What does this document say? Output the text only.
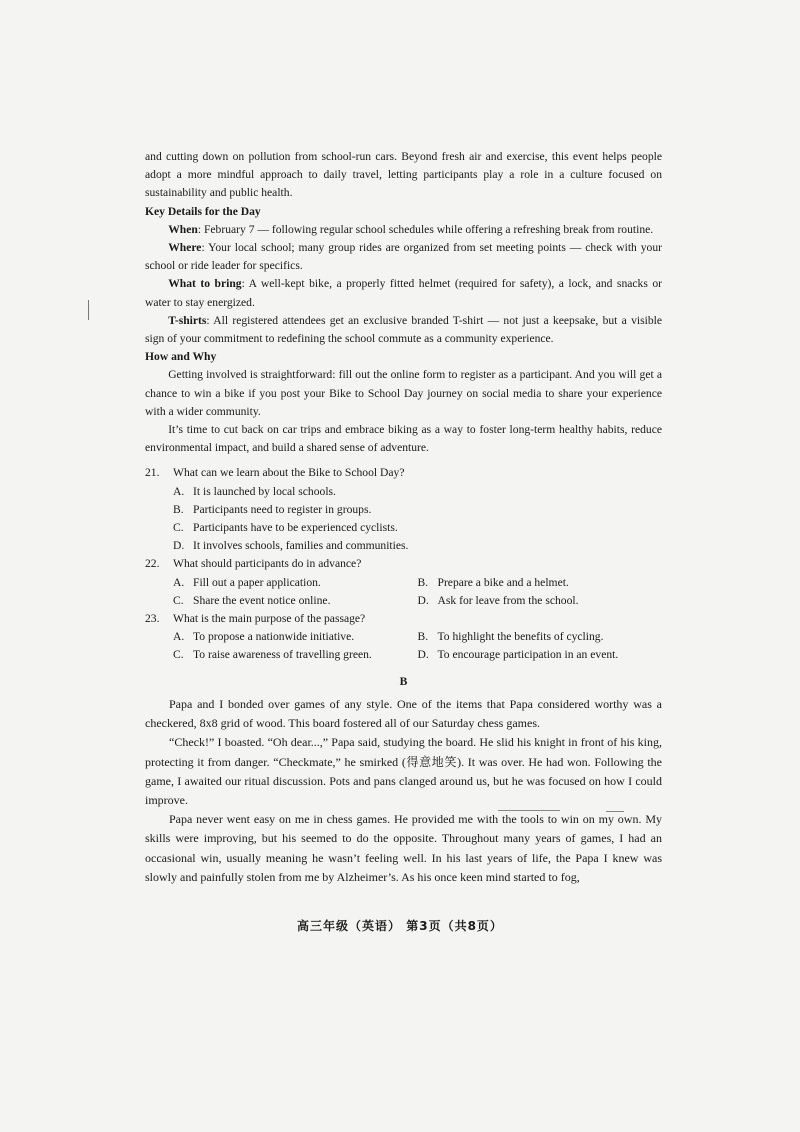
and cutting down on pollution from school-run cars. Beyond fresh air and exercise, this event helps people adopt a more mindful approach to daily travel, letting participants play a role in a culture focused on sustainability and public health.

Key Details for the Day

When: February 7 — following regular school schedules while offering a refreshing break from routine.

Where: Your local school; many group rides are organized from set meeting points — check with your school or ride leader for specifics.

What to bring: A well-kept bike, a properly fitted helmet (required for safety), a lock, and snacks or water to stay energized.

T-shirts: All registered attendees get an exclusive branded T-shirt — not just a keepsake, but a visible sign of your commitment to redefining the school commute as a community experience.

How and Why

Getting involved is straightforward: fill out the online form to register as a participant. And you will get a chance to win a bike if you post your Bike to School Day journey on social media to share your experience with a wider community.

It’s time to cut back on car trips and embrace biking as a way to foster long-term healthy habits, reduce environmental impact, and build a shared sense of adventure.

21.	What can we learn about the Bike to School Day?
A. It is launched by local schools.
B. Participants need to register in groups.
C. Participants have to be experienced cyclists.
D. It involves schools, families and communities.
22.	What should participants do in advance?
A. Fill out a paper application.	B. Prepare a bike and a helmet.
C. Share the event notice online.	D. Ask for leave from the school.
23.	What is the main purpose of the passage?
A. To propose a nationwide initiative.	B. To highlight the benefits of cycling.
C. To raise awareness of travelling green.	D. To encourage participation in an event.
B

Papa and I bonded over games of any style. One of the items that Papa considered worthy was a checkered, 8x8 grid of wood. This board fostered all of our Saturday chess games.

“Check!” I boasted. “Oh dear...,” Papa said, studying the board. He slid his knight in front of his king, protecting it from danger. “Checkmate,” he smirked (得意地笑). It was over. He had won. Following the game, I awaited our ritual discussion. Pots and pans clanged around us, but he was focused on how I could improve.

Papa never went easy on me in chess games. He provided me with the tools to win on my own. My skills were improving, but his seemed to do the opposite. Throughout many years of games, I had an occasional win, usually meaning he wasn’t feeling well. In his last years of life, the Papa I knew was slowly and painfully stolen from me by Alzheimer’s. As his once keen mind started to fog,

高三年级（英语） 第3页（共8页）
